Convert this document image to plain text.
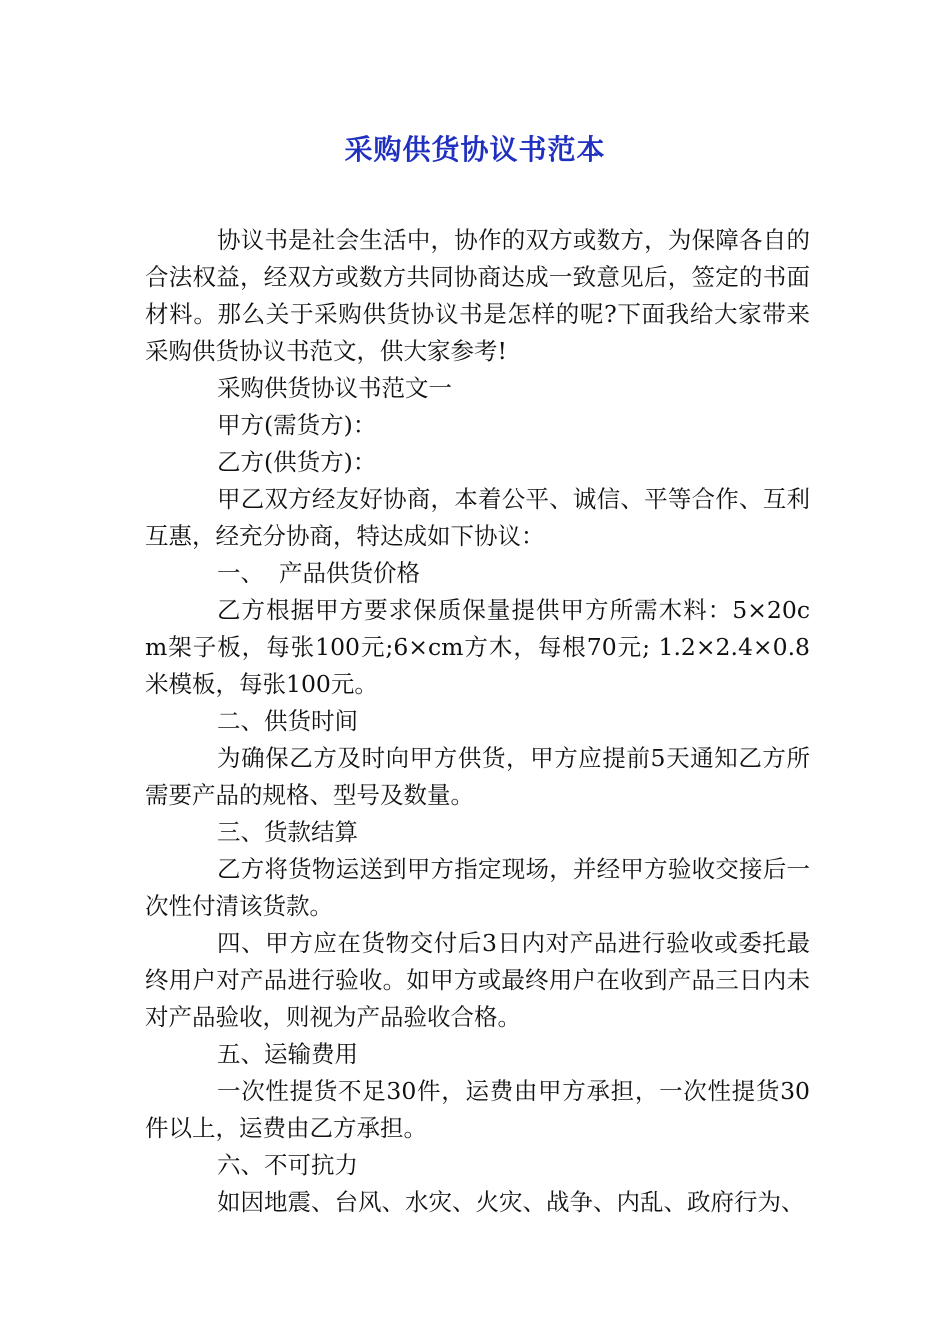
采购供货协议书范本

协议书是社会生活中，协作的双方或数方，为保障各自的合法权益，经双方或数方共同协商达成一致意见后，签定的书面材料。那么关于采购供货协议书是怎样的呢?下面我给大家带来采购供货协议书范文，供大家参考!

采购供货协议书范文一

甲方(需货方)：

乙方(供货方)：

甲乙双方经友好协商，本着公平、诚信、平等合作、互利互惠，经充分协商，特达成如下协议：

一、  产品供货价格

乙方根据甲方要求保质保量提供甲方所需木料：5×20cm架子板，每张100元;6×cm方木，每根70元; 1.2×2.4×0.8米模板，每张100元。

二、供货时间

为确保乙方及时向甲方供货，甲方应提前5天通知乙方所需要产品的规格、型号及数量。

三、货款结算

乙方将货物运送到甲方指定现场，并经甲方验收交接后一次性付清该货款。

四、甲方应在货物交付后3日内对产品进行验收或委托最终用户对产品进行验收。如甲方或最终用户在收到产品三日内未对产品验收，则视为产品验收合格。

五、运输费用

一次性提货不足30件，运费由甲方承担，一次性提货30件以上，运费由乙方承担。

六、不可抗力

如因地震、台风、水灾、火灾、战争、内乱、政府行为、
